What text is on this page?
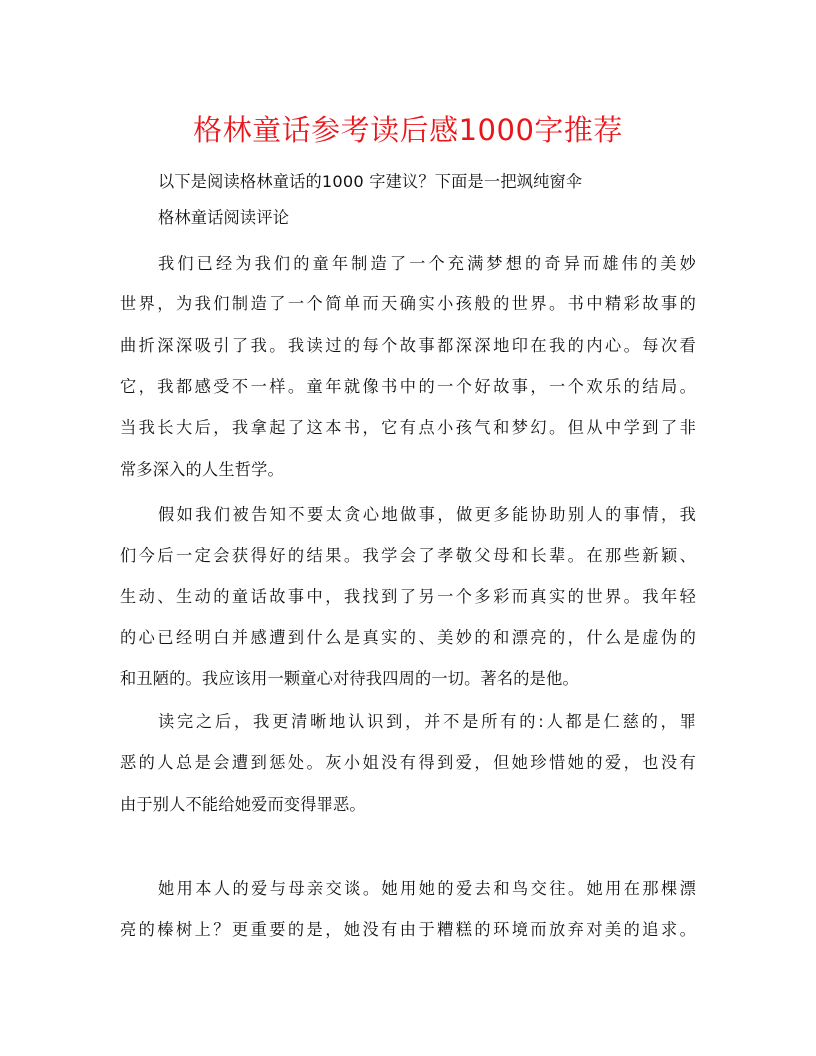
格林童话参考读后感1000字推荐
以下是阅读格林童话的1000 字建议？下面是一把飒纯窗伞
格林童话阅读评论
我们已经为我们的童年制造了一个充满梦想的奇异而雄伟的美妙
世界，为我们制造了一个简单而天确实小孩般的世界。书中精彩故事的
曲折深深吸引了我。我读过的每个故事都深深地印在我的内心。每次看
它，我都感受不一样。童年就像书中的一个好故事，一个欢乐的结局。
当我长大后，我拿起了这本书，它有点小孩气和梦幻。但从中学到了非
常多深入的人生哲学。
假如我们被告知不要太贪心地做事，做更多能协助别人的事情，我
们今后一定会获得好的结果。我学会了孝敬父母和长辈。在那些新颖、
生动、生动的童话故事中，我找到了另一个多彩而真实的世界。我年轻
的心已经明白并感遭到什么是真实的、美妙的和漂亮的，什么是虚伪的
和丑陋的。我应该用一颗童心对待我四周的一切。著名的是他。
读完之后，我更清晰地认识到，并不是所有的:人都是仁慈的，罪
恶的人总是会遭到惩处。灰小姐没有得到爱，但她珍惜她的爱，也没有
由于别人不能给她爱而变得罪恶。
她用本人的爱与母亲交谈。她用她的爱去和鸟交往。她用在那棵漂
亮的榛树上？更重要的是，她没有由于糟糕的环境而放弃对美的追求。
